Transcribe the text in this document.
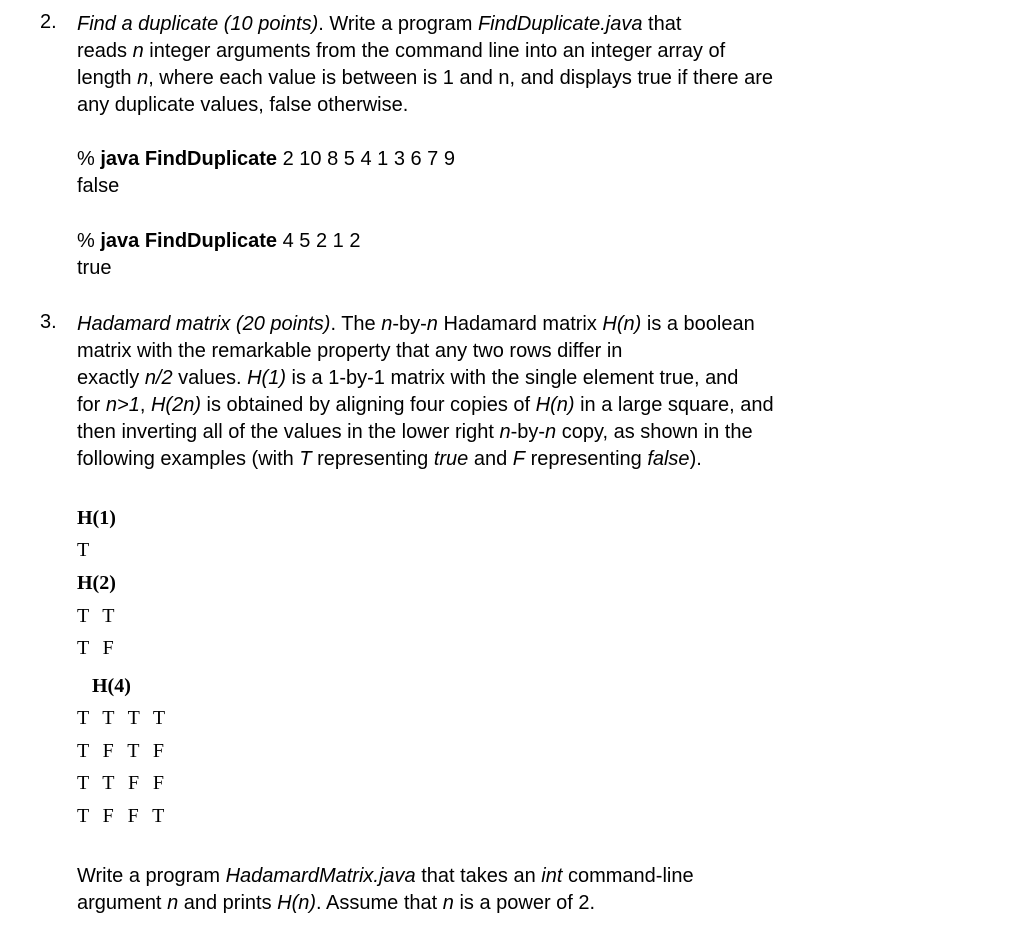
2.	Find a duplicate (10 points). Write a program FindDuplicate.java that

reads n integer arguments from the command line into an integer array of

length n, where each value is between is 1 and n, and displays true if there are

any duplicate values, false otherwise.

% java FindDuplicate 2 10 8 5 4 1 3 6 7 9
false
% java FindDuplicate 4 5 2 1 2
true
3.	Hadamard matrix (20 points). The n-by-n Hadamard matrix H(n) is a boolean

matrix with the remarkable property that any two rows differ in

exactly n/2 values. H(1) is a 1-by-1 matrix with the single element true, and

for n>1, H(2n) is obtained by aligning four copies of H(n) in a large square, and

then inverting all of the values in the lower right n-by-n copy, as shown in the

following examples (with T representing true and F representing false).

H(1)
T
H(2)
T T
T F
H(4)
T T T T
T F T F
T T F F
T F F T

Write a program HadamardMatrix.java that takes an int command-line

argument n and prints H(n). Assume that n is a power of 2.
